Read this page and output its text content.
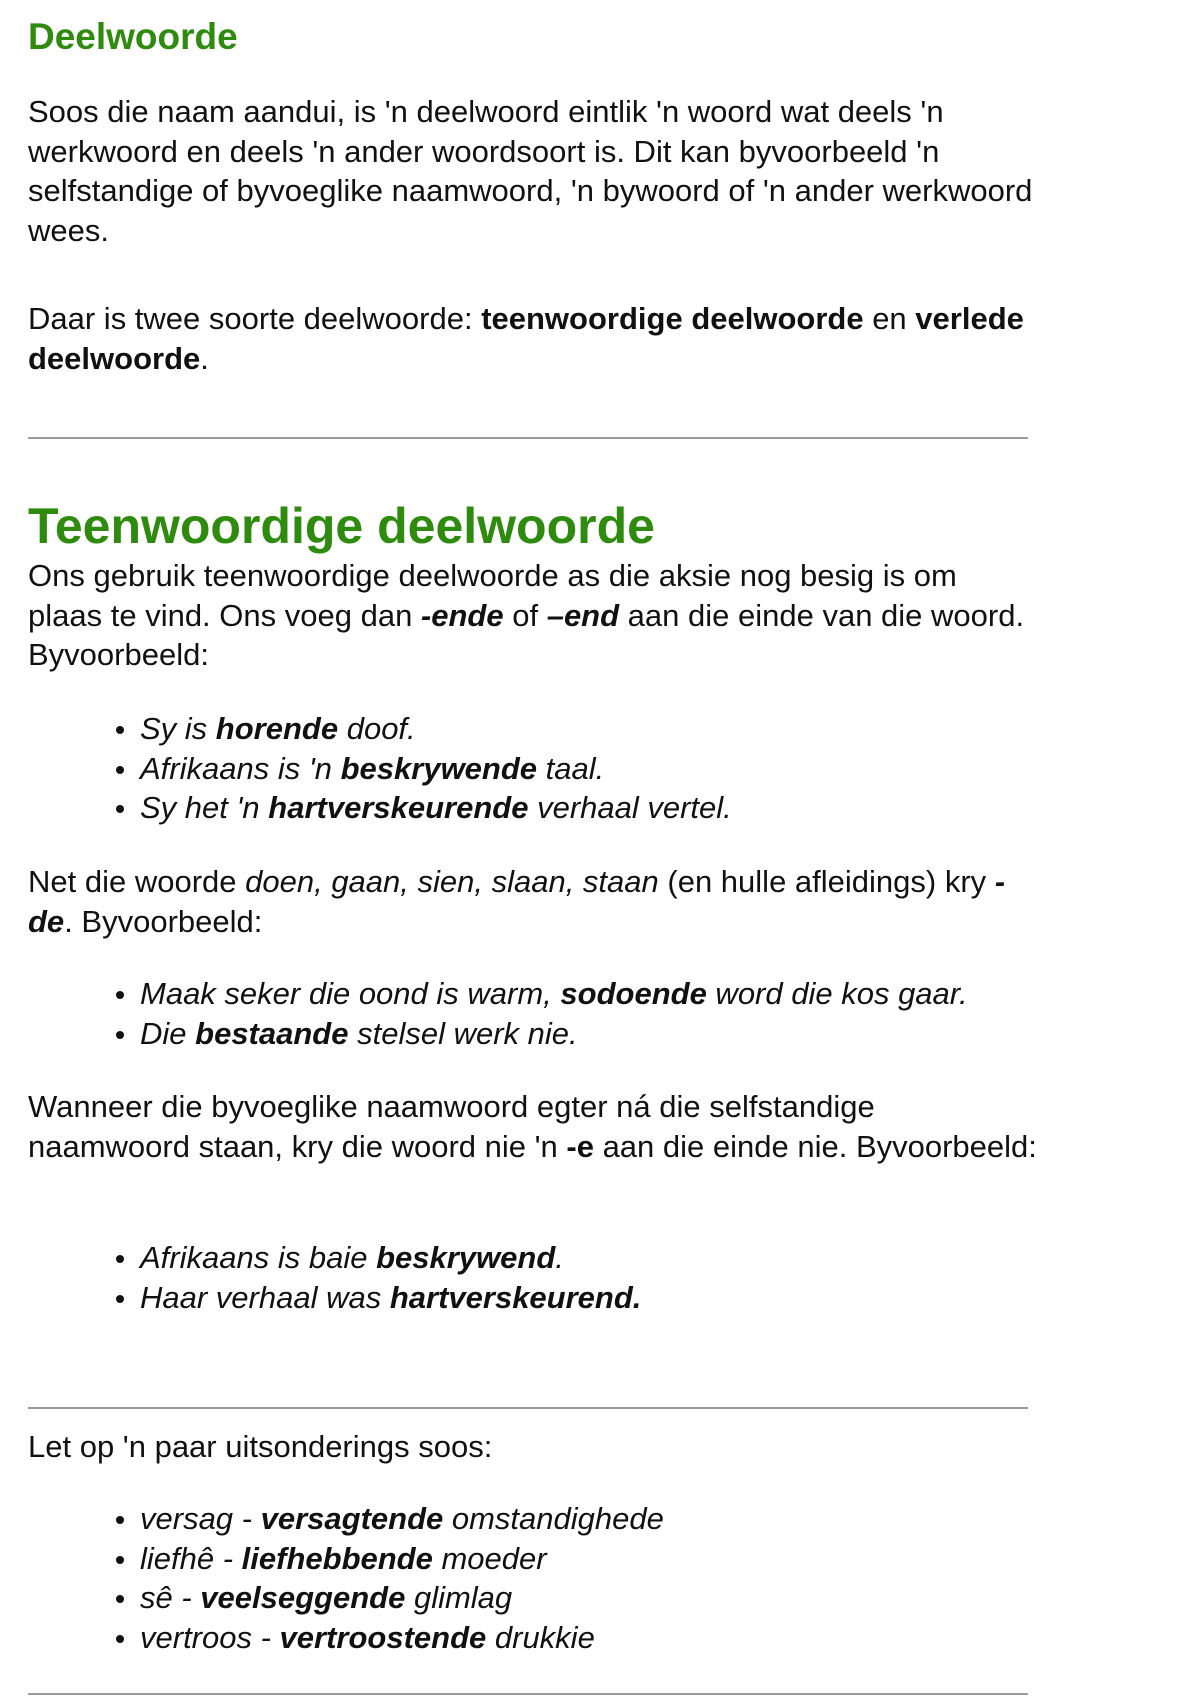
Deelwoorde

Soos die naam aandui, is 'n deelwoord eintlik 'n woord wat deels 'n werkwoord en deels 'n ander woordsoort is. Dit kan byvoorbeeld 'n selfstandige of byvoeglike naamwoord, 'n bywoord of 'n ander werkwoord wees.

Daar is twee soorte deelwoorde: teenwoordige deelwoorde en verlede deelwoorde.

Teenwoordige deelwoorde

Ons gebruik teenwoordige deelwoorde as die aksie nog besig is om plaas te vind. Ons voeg dan -ende of –end aan die einde van die woord. Byvoorbeeld:

Sy is horende doof.
Afrikaans is 'n beskrywende taal.
Sy het 'n hartverskeurende verhaal vertel.

Net die woorde doen, gaan, sien, slaan, staan (en hulle afleidings) kry -de. Byvoorbeeld:

Maak seker die oond is warm, sodoende word die kos gaar.
Die bestaande stelsel werk nie.

Wanneer die byvoeglike naamwoord egter ná die selfstandige naamwoord staan, kry die woord nie 'n -e aan die einde nie. Byvoorbeeld:

Afrikaans is baie beskrywend.
Haar verhaal was hartverskeurend.

Let op 'n paar uitsonderings soos:

versag - versagtende omstandighede
liefhê - liefhebbende moeder
sê - veelseggende glimlag
vertroos - vertroostende drukkie
